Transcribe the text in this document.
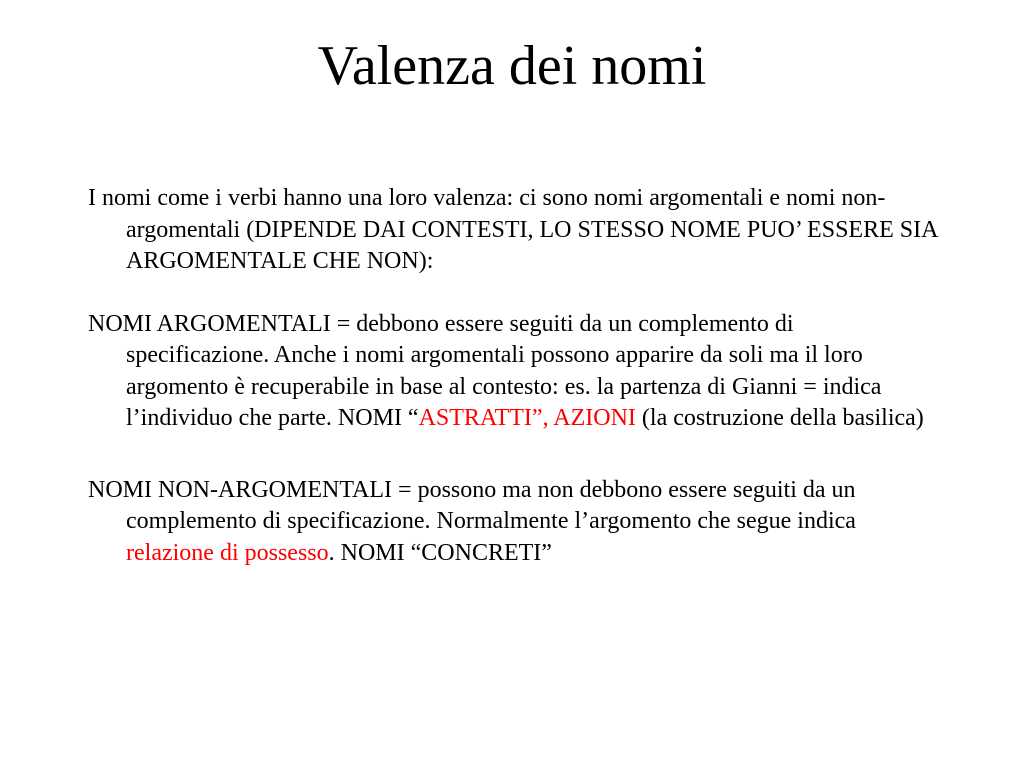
Valenza dei nomi

I nomi come i verbi hanno una loro valenza: ci sono nomi argomentali e nomi non-argomentali (DIPENDE DAI CONTESTI, LO STESSO NOME PUO’ ESSERE SIA ARGOMENTALE CHE NON):

NOMI ARGOMENTALI = debbono essere seguiti da un complemento di specificazione. Anche i nomi argomentali possono apparire da soli ma il loro argomento è recuperabile in base al contesto: es. la partenza di Gianni = indica l’individuo che parte. NOMI “ASTRATTI”, AZIONI (la costruzione della basilica)

NOMI NON-ARGOMENTALI = possono ma non debbono essere seguiti da un complemento di specificazione. Normalmente l’argomento che segue indica relazione di possesso. NOMI “CONCRETI”
